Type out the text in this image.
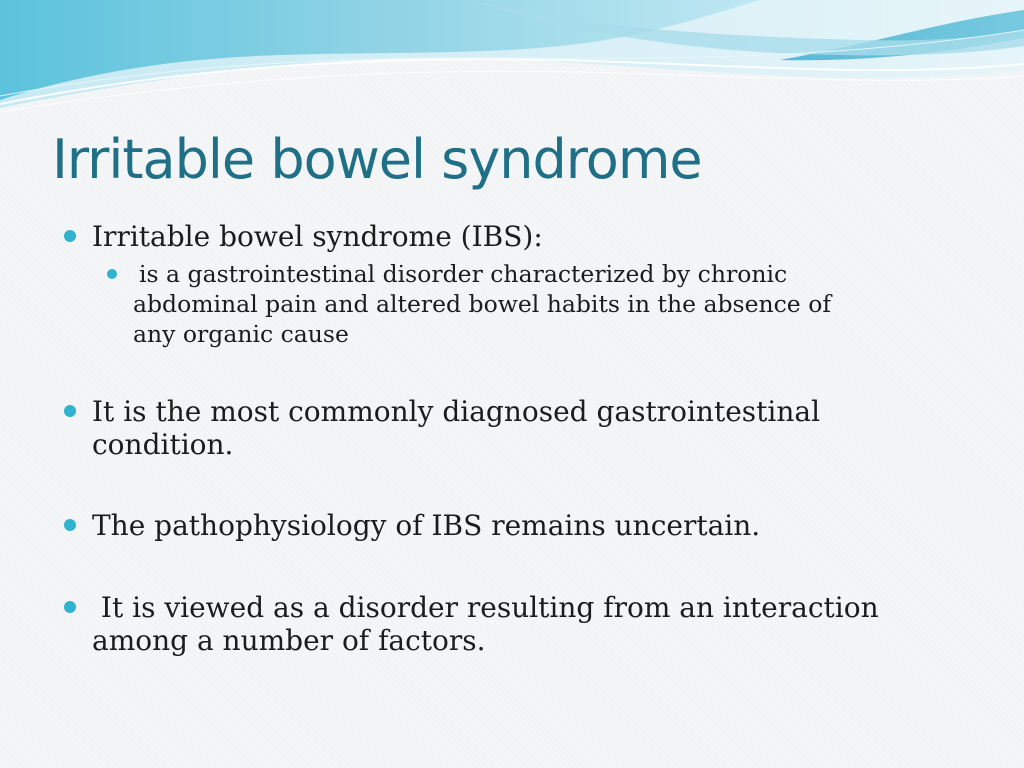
Irritable bowel syndrome

Irritable bowel syndrome (IBS):

is a gastrointestinal disorder characterized by chronic
abdominal pain and altered bowel habits in the absence of
any organic cause

It is the most commonly diagnosed gastrointestinal
condition.

The pathophysiology of IBS remains uncertain.

It is viewed as a disorder resulting from an interaction
among a number of factors.
